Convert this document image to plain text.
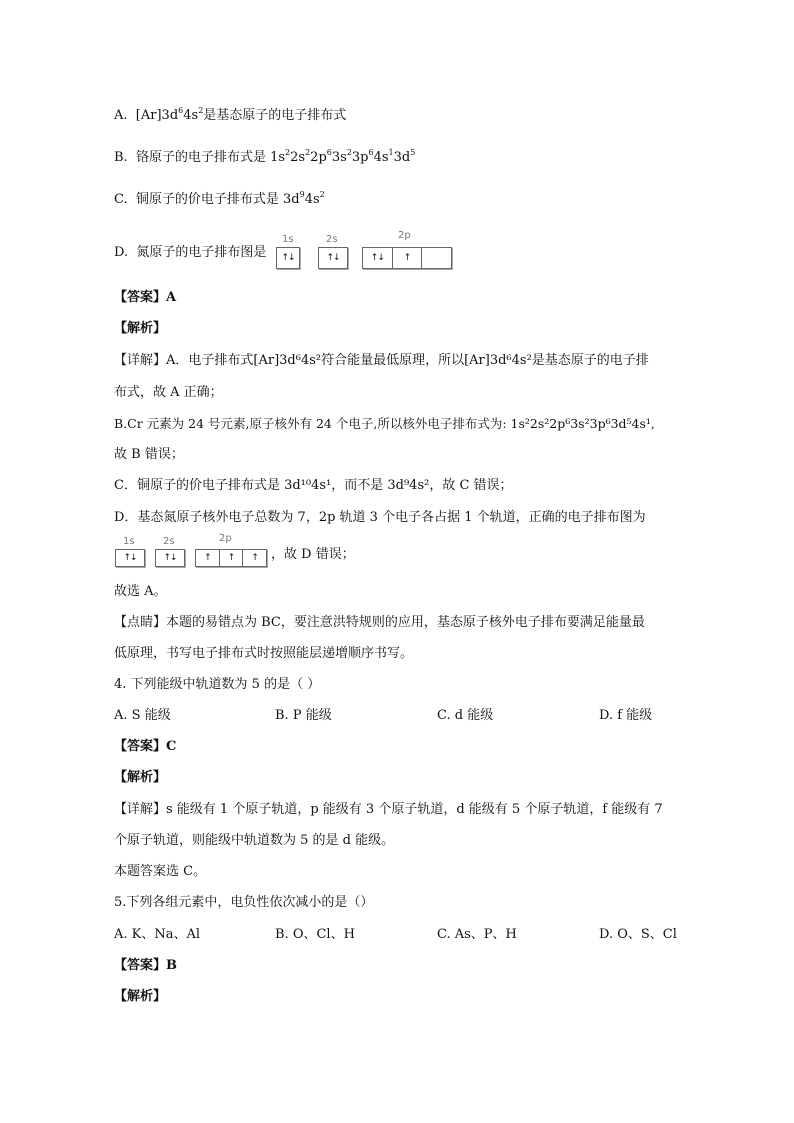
A. $[Ar]3d^64s^2$是基态原子的电子排布式
B. 铬原子的电子排布式是 $1s^22s^22p^63s^23p^64s^13d^5$
C. 铜原子的价电子排布式是 $3d^94s^2$
D. 氮原子的电子排布图是
1s	2s	2p
↑↓	↑↓	↑↓	↑
【答案】A
【解析】
【详解】A．电子排布式[Ar]3d⁶4s²符合能量最低原理，所以[Ar]3d⁶4s²是基态原子的电子排
布式，故 A 正确；
B.Cr 元素为 24 号元素,原子核外有 24 个电子,所以核外电子排布式为: 1s²2s²2p⁶3s²3p⁶3d⁵4s¹,
故 B 错误；
C．铜原子的价电子排布式是 3d¹⁰4s¹，而不是 3d⁹4s²，故 C 错误；
D．基态氮原子核外电子总数为 7，2p 轨道 3 个电子各占据 1 个轨道，正确的电子排布图为
1s	2s	2p
↑↓	↑↓	↑	↑	↑	，故 D 错误；
故选 A。
【点睛】本题的易错点为 BC，要注意洪特规则的应用，基态原子核外电子排布要满足能量最
低原理，书写电子排布式时按照能层递增顺序书写。
4. 下列能级中轨道数为 5 的是（ ）
A. S 能级	B. P 能级	C. d 能级	D. f 能级
【答案】C
【解析】
【详解】s 能级有 1 个原子轨道，p 能级有 3 个原子轨道，d 能级有 5 个原子轨道，f 能级有 7
个原子轨道，则能级中轨道数为 5 的是 d 能级。
本题答案选 C。
5.下列各组元素中，电负性依次减小的是（）
A. K、Na、Al	B. O、Cl、H	C. As、P、H	D. O、S、Cl
【答案】B
【解析】
